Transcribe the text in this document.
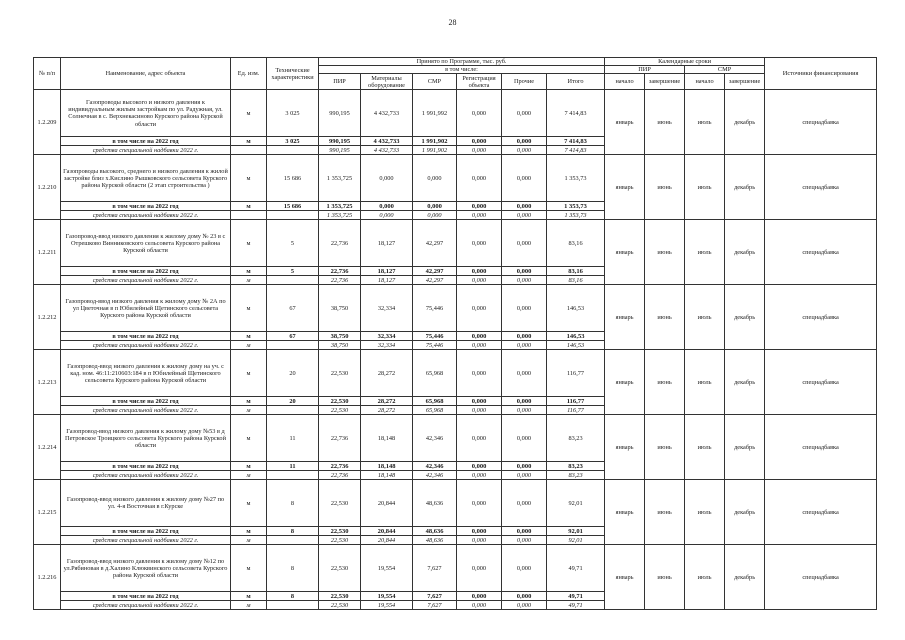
28
№ п/п	Наименование, адрес объекта	Ед. изм.	Технические характеристики	Принято по Программе, тыс. руб.						Календарные сроки				Источники финансирования
				в том числе:						ПИР		СМР		
				ПИР	Материалы оборудование	СМР	Регистрация объекта	Прочие	Итого	начало	завершение	начало	завершение	
1.2.209	Газопроводы высокого и низкого давления к индивидуальным жилым застройкам по ул. Радужная, ул. Солнечная в с. Верхнекасиново Курского района Курской области	м	3 025	990,195	4 432,733	1 991,992	0,000	0,000	7 414,83	январь	июнь	июль	декабрь	спецнадбавка
	в том числе на 2022 год	м	3 025	990,195	4 432,733	1 991,902	0,000	0,000	7 414,83					
	средства специальной надбавки 2022 г.			990,195	4 432,733	1 991,902	0,000	0,000	7 414,83					
1.2.210	Газопроводы высокого, среднего и низкого давления к жилой застройке близ х.Кислино Рышковского сельсовета Курского района Курской области (2 этап строительства )	м	15 686	1 353,725	0,000	0,000	0,000	0,000	1 353,73	январь	июнь	июль	декабрь	спецнадбавка
	в том числе на 2022 год	м	15 686	1 353,725	0,000	0,000	0,000	0,000	1 353,73					
	средства специальной надбавки 2022 г.			1 353,725	0,000	0,000	0,000	0,000	1 353,73					
1.2.211	Газопровод-ввод низкого давления к жилому дому № 23 в с Отрешково Винниковского сельсовета Курского района Курской области	м	5	22,736	18,127	42,297	0,000	0,000	83,16	январь	июнь	июль	декабрь	спецнадбавка
	в том числе на 2022 год	м	5	22,736	18,127	42,297	0,000	0,000	83,16					
	средства специальной надбавки 2022 г.	м		22,736	18,127	42,297	0,000	0,000	83,16					
1.2.212	Газопровод-ввод низкого давления к жилому дому № 2А по ул Цветочная в п Юбилейный Щетинского сельсовета Курского района Курской области	м	67	38,750	32,334	75,446	0,000	0,000	146,53	январь	июнь	июль	декабрь	спецнадбавка
	в том числе на 2022 год	м	67	38,750	32,334	75,446	0,000	0,000	146,53					
	средства специальной надбавки 2022 г.	м		38,750	32,334	75,446	0,000	0,000	146,53					
1.2.213	Газопровод-ввод низкого давления к жилому дому на уч. с кад. ном. 46:11:210603:184 в п Юбилейный Щетинского сельсовета Курского района Курской области	м	20	22,530	28,272	65,968	0,000	0,000	116,77	январь	июнь	июль	декабрь	спецнадбавка
	в том числе на 2022 год	м	20	22,530	28,272	65,968	0,000	0,000	116,77					
	средства специальной надбавки 2022 г.	м		22,530	28,272	65,968	0,000	0,000	116,77					
1.2.214	Газопровод-ввод низкого давления к жилому дому №53 в д Петровское Троицкого сельсовета Курского района Курской области	м	11	22,736	18,148	42,346	0,000	0,000	83,23	январь	июнь	июль	декабрь	спецнадбавка
	в том числе на 2022 год	м	11	22,736	18,148	42,346	0,000	0,000	83,23					
	средства специальной надбавки 2022 г.	м		22,736	18,148	42,346	0,000	0,000	83,23					
1.2.215	Газопровод-ввод низкого давления к жилому дому №27 по ул. 4-я Восточная в г.Курске	м	8	22,530	20,844	48,636	0,000	0,000	92,01	январь	июнь	июль	декабрь	спецнадбавка
	в том числе на 2022 год	м	8	22,530	20,844	48,636	0,000	0,000	92,01					
	средства специальной надбавки 2022 г.	м		22,530	20,844	48,636	0,000	0,000	92,01					
1.2.216	Газопровод-ввод низкого давления к жилому дому №12 по ул.Рябиновая в д.Халино Клюквинского сельсовета Курского района Курской области	м	8	22,530	19,554	7,627	0,000	0,000	49,71	январь	июнь	июль	декабрь	спецнадбавка
	в том числе на 2022 год	м	8	22,530	19,554	7,627	0,000	0,000	49,71					
	средства специальной надбавки 2022 г.	м		22,530	19,554	7,627	0,000	0,000	49,71					
